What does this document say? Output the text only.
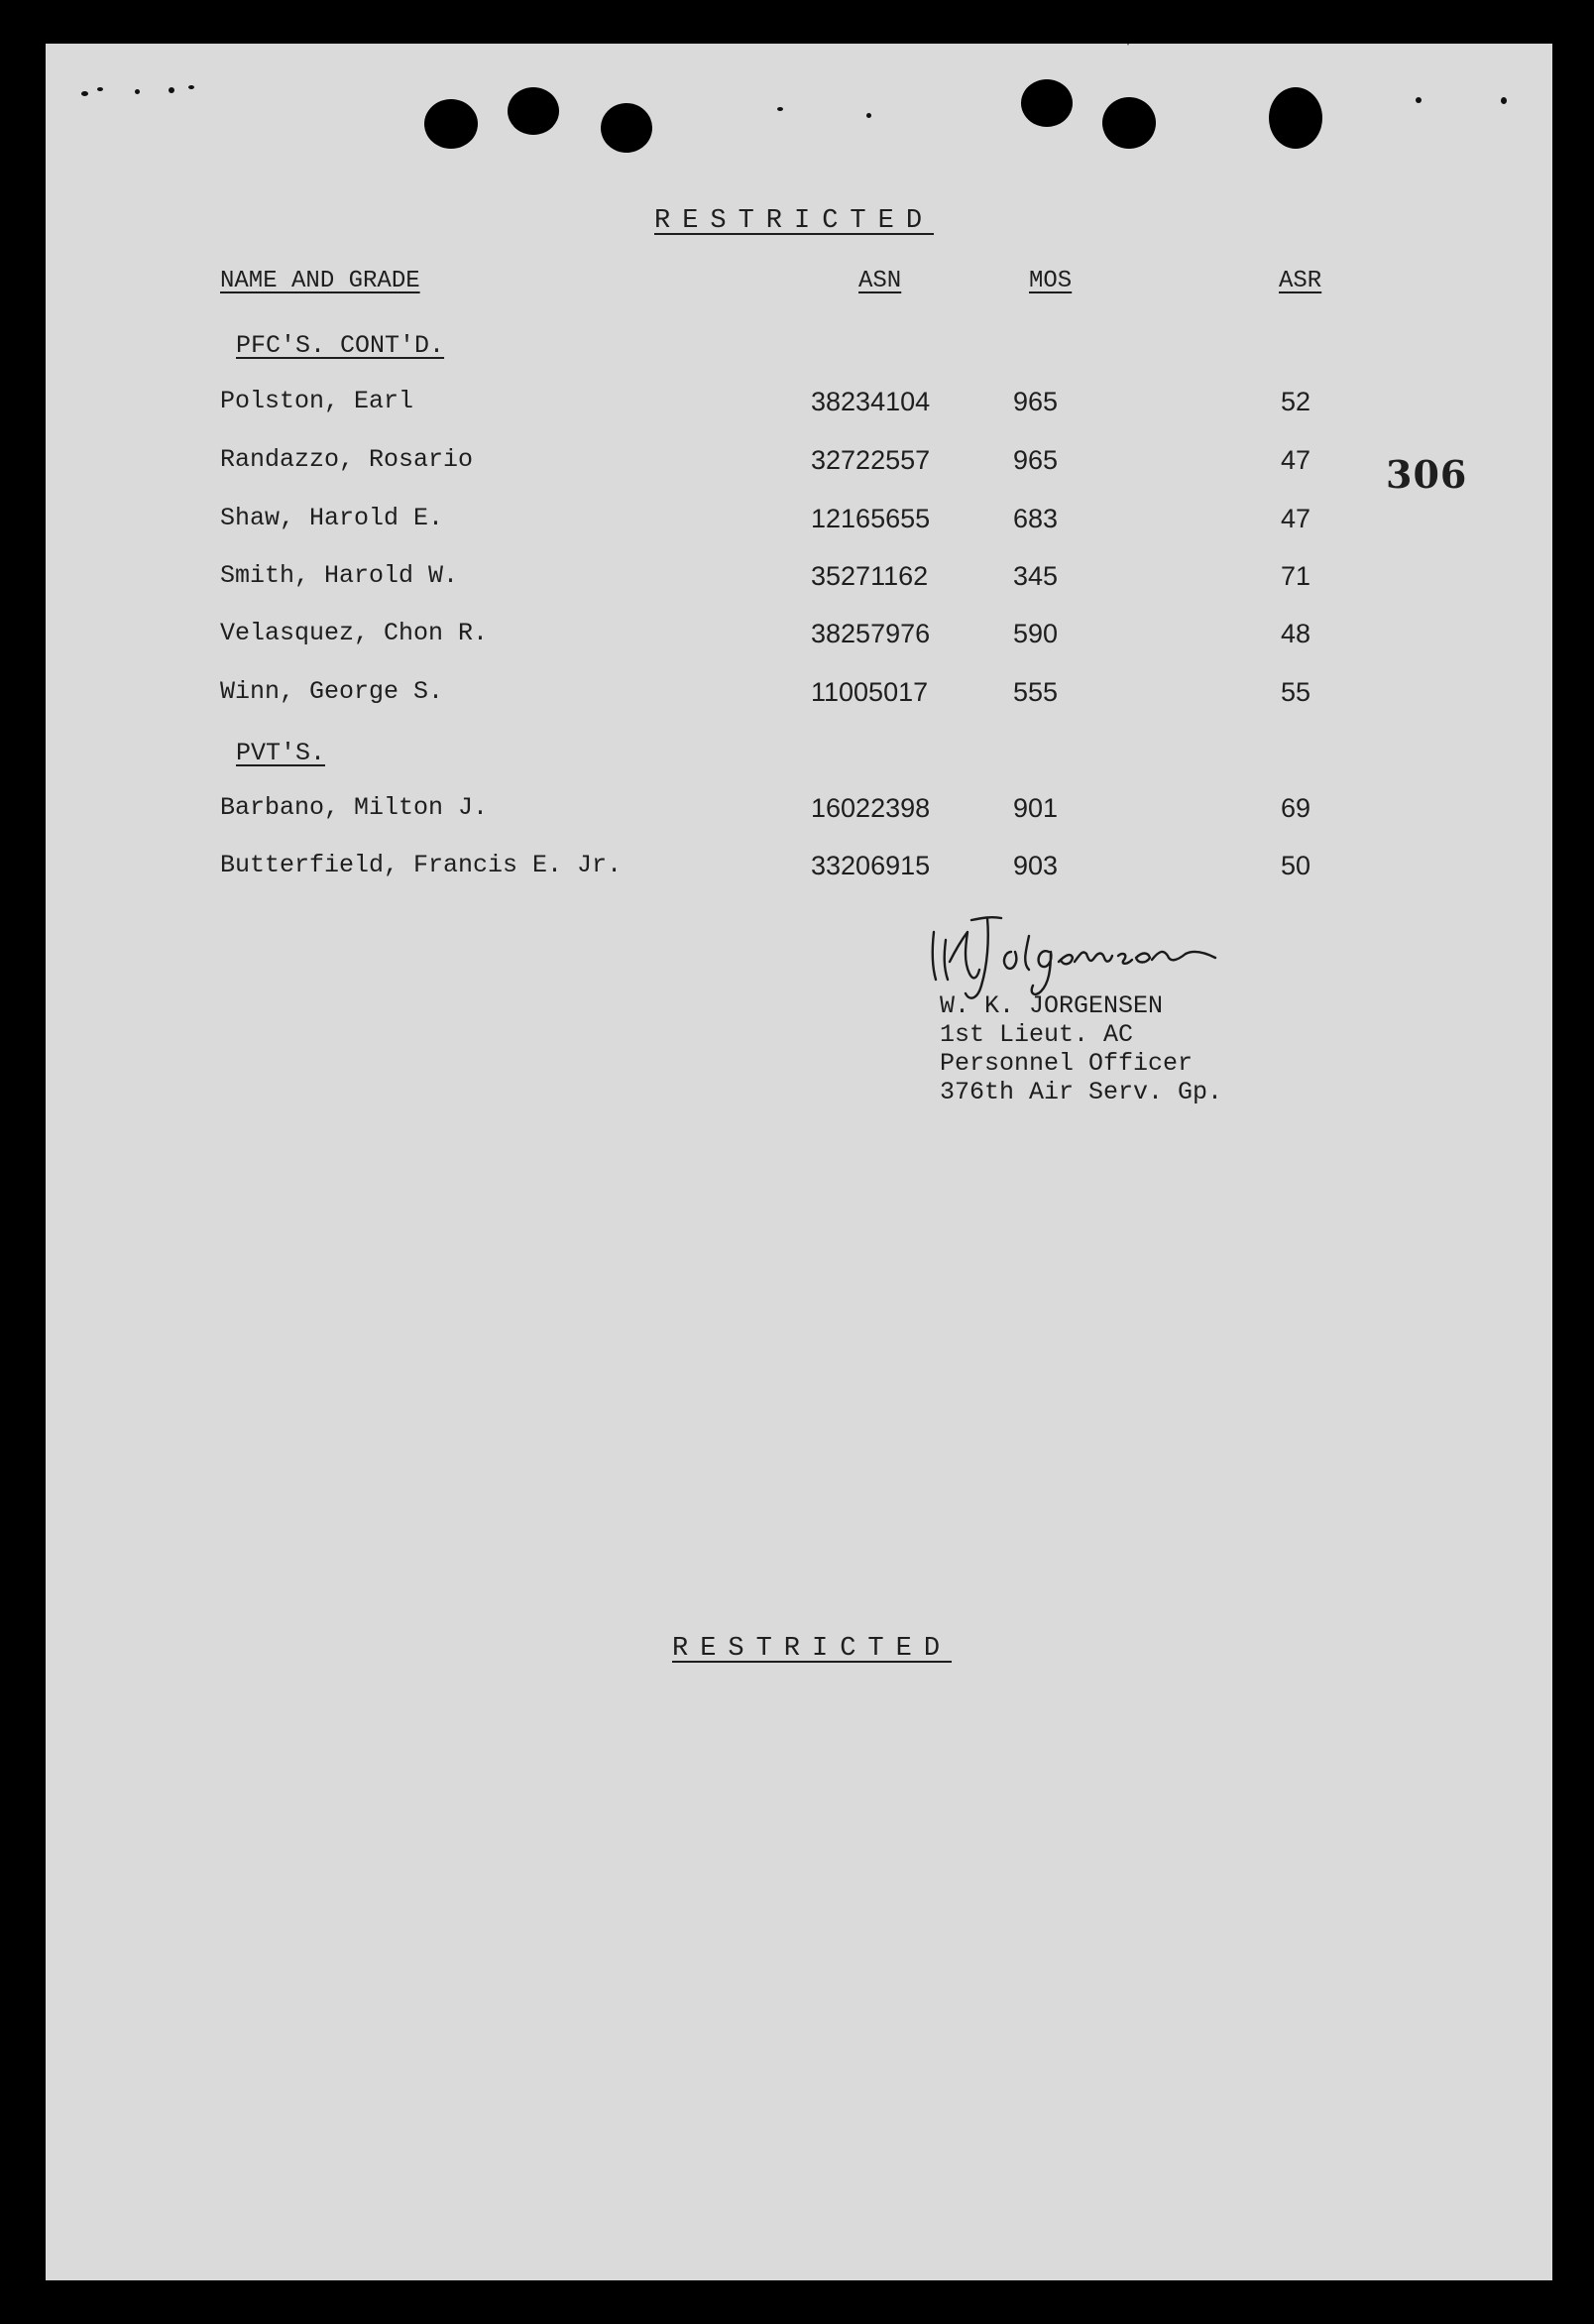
RESTRICTED
NAME AND GRADE	ASN	MOS	ASR
306
PFC'S. CONT'D.
Polston, Earl	38234104	965	52
Randazzo, Rosario	32722557	965	47
Shaw, Harold E.	12165655	683	47
Smith, Harold W.	35271162	345	71
Velasquez, Chon R.	38257976	590	48
Winn, George S.	11005017	555	55
PVT'S.
Barbano, Milton J.	16022398	901	69
Butterfield, Francis E. Jr.	33206915	903	50
W. K. JORGENSEN
1st Lieut. AC
Personnel Officer
376th Air Serv. Gp.
RESTRICTED
